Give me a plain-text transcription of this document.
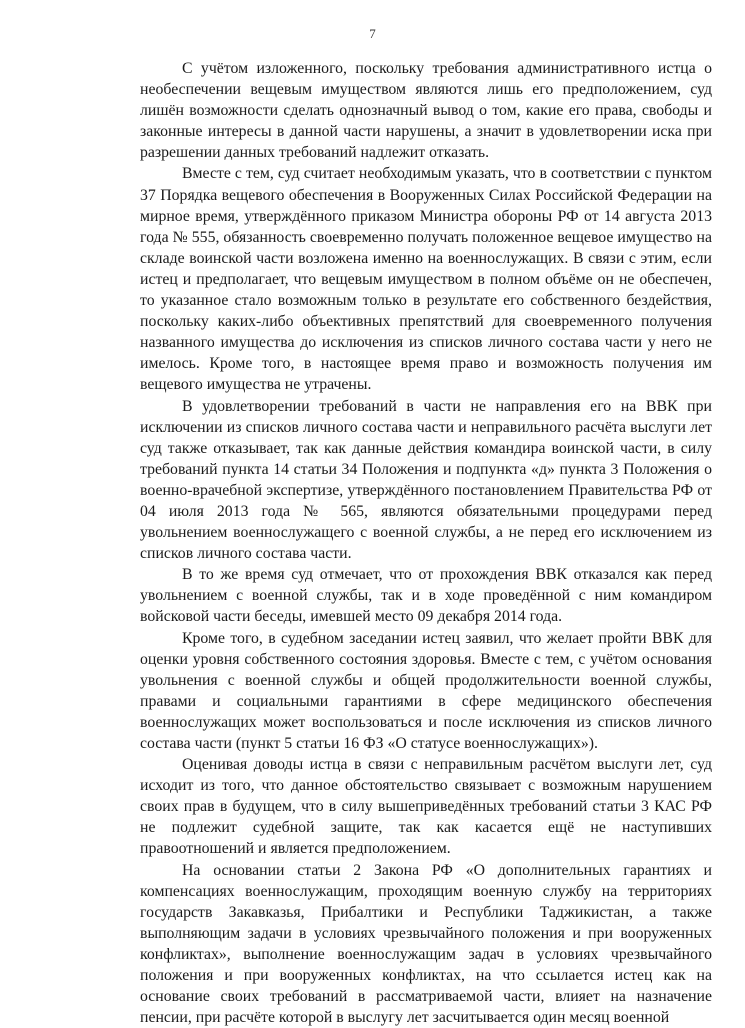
7

С учётом изложенного, поскольку требования административного истца о необеспечении вещевым имуществом являются лишь его предположением, суд лишён возможности сделать однозначный вывод о том, какие его права, свободы и законные интересы в данной части нарушены, а значит в удовлетворении иска при разрешении данных требований надлежит отказать.

Вместе с тем, суд считает необходимым указать, что в соответствии с пунктом 37 Порядка вещевого обеспечения в Вооруженных Силах Российской Федерации на мирное время, утверждённого приказом Министра обороны РФ от 14 августа 2013 года № 555, обязанность своевременно получать положенное вещевое имущество на складе воинской части возложена именно на военнослужащих. В связи с этим, если истец и предполагает, что вещевым имуществом в полном объёме он не обеспечен, то указанное стало возможным только в результате его собственного бездействия, поскольку каких-либо объективных препятствий для своевременного получения названного имущества до исключения из списков личного состава части у него не имелось. Кроме того, в настоящее время право и возможность получения им вещевого имущества не утрачены.

В удовлетворении требований в части не направления его на ВВК при исключении из списков личного состава части и неправильного расчёта выслуги лет суд также отказывает, так как данные действия командира воинской части, в силу требований пункта 14 статьи 34 Положения и подпункта «д» пункта 3 Положения о военно-врачебной экспертизе, утверждённого постановлением Правительства РФ от 04 июля 2013 года № 565, являются обязательными процедурами перед увольнением военнослужащего с военной службы, а не перед его исключением из списков личного состава части.

В то же время суд отмечает, что от прохождения ВВК отказался как перед увольнением с военной службы, так и в ходе проведённой с ним командиром войсковой части беседы, имевшей место 09 декабря 2014 года.

Кроме того, в судебном заседании истец заявил, что желает пройти ВВК для оценки уровня собственного состояния здоровья. Вместе с тем, с учётом основания увольнения с военной службы и общей продолжительности военной службы, правами и социальными гарантиями в сфере медицинского обеспечения военнослужащих может воспользоваться и после исключения из списков личного состава части (пункт 5 статьи 16 ФЗ «О статусе военнослужащих»).

Оценивая доводы истца в связи с неправильным расчётом выслуги лет, суд исходит из того, что данное обстоятельство связывает с возможным нарушением своих прав в будущем, что в силу вышеприведённых требований статьи 3 КАС РФ не подлежит судебной защите, так как касается ещё не наступивших правоотношений и является предположением.

На основании статьи 2 Закона РФ «О дополнительных гарантиях и компенсациях военнослужащим, проходящим военную службу на территориях государств Закавказья, Прибалтики и Республики Таджикистан, а также выполняющим задачи в условиях чрезвычайного положения и при вооруженных конфликтах», выполнение военнослужащим задач в условиях чрезвычайного положения и при вооруженных конфликтах, на что ссылается истец как на основание своих требований в рассматриваемой части, влияет на назначение пенсии, при расчёте которой в выслугу лет засчитывается один месяц военной
